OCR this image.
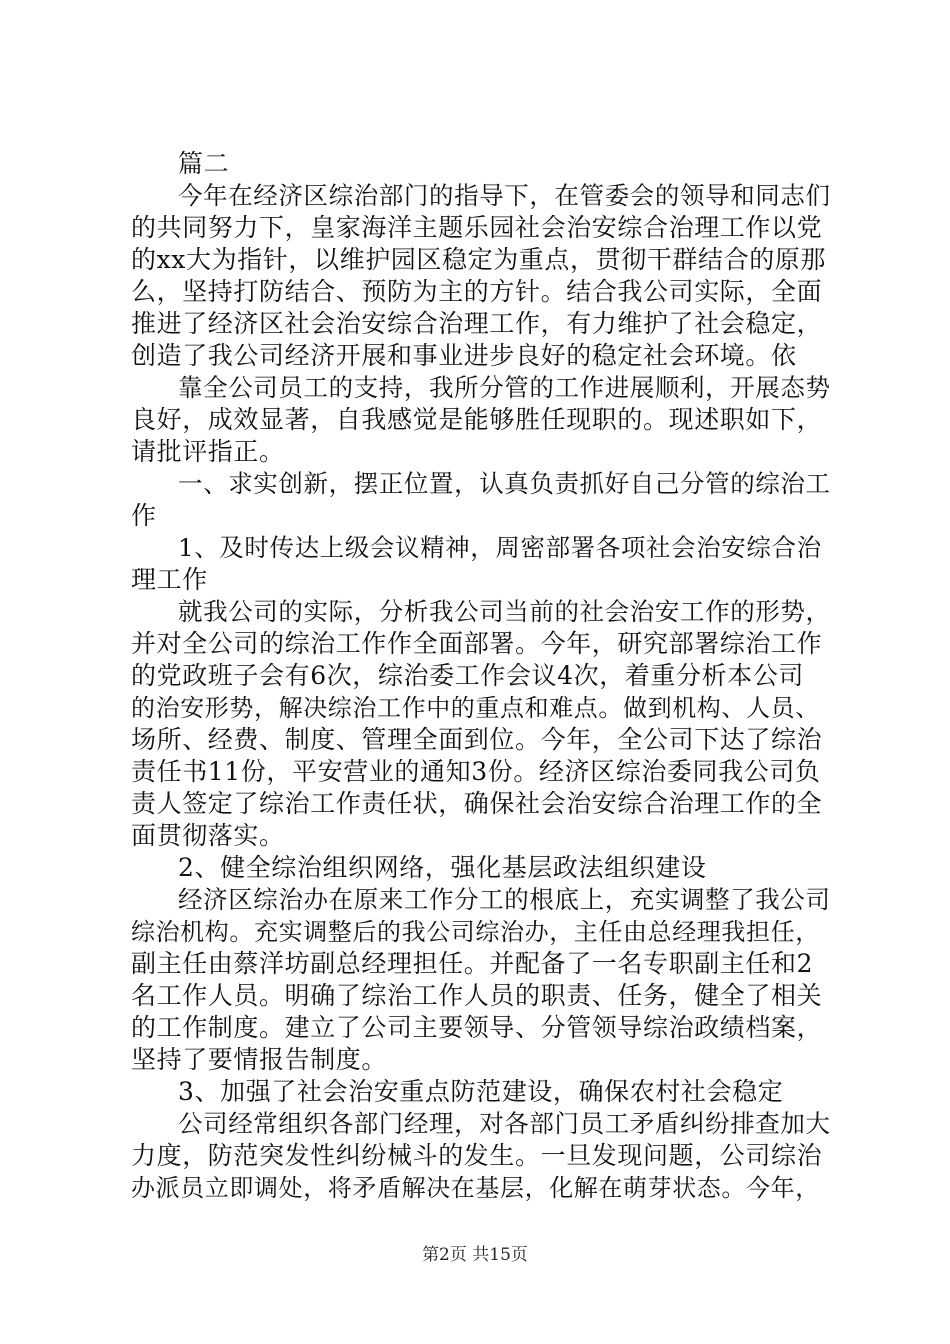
篇二
今年在经济区综治部门的指导下，在管委会的领导和同志们
的共同努力下，皇家海洋主题乐园社会治安综合治理工作以党
的xx大为指针，以维护园区稳定为重点，贯彻干群结合的原那
么，坚持打防结合、预防为主的方针。结合我公司实际，全面
推进了经济区社会治安综合治理工作，有力维护了社会稳定，
创造了我公司经济开展和事业进步良好的稳定社会环境。依
靠全公司员工的支持，我所分管的工作进展顺利，开展态势
良好，成效显著，自我感觉是能够胜任现职的。现述职如下，
请批评指正。
一、求实创新，摆正位置，认真负责抓好自己分管的综治工
作
1、及时传达上级会议精神，周密部署各项社会治安综合治
理工作
就我公司的实际，分析我公司当前的社会治安工作的形势，
并对全公司的综治工作作全面部署。今年，研究部署综治工作
的党政班子会有6次，综治委工作会议4次，着重分析本公司
的治安形势，解决综治工作中的重点和难点。做到机构、人员、
场所、经费、制度、管理全面到位。今年，全公司下达了综治
责任书11份，平安营业的通知3份。经济区综治委同我公司负
责人签定了综治工作责任状，确保社会治安综合治理工作的全
面贯彻落实。
2、健全综治组织网络，强化基层政法组织建设
经济区综治办在原来工作分工的根底上，充实调整了我公司
综治机构。充实调整后的我公司综治办，主任由总经理我担任，
副主任由蔡洋坊副总经理担任。并配备了一名专职副主任和2
名工作人员。明确了综治工作人员的职责、任务，健全了相关
的工作制度。建立了公司主要领导、分管领导综治政绩档案，
坚持了要情报告制度。
3、加强了社会治安重点防范建设，确保农村社会稳定
公司经常组织各部门经理，对各部门员工矛盾纠纷排查加大
力度，防范突发性纠纷械斗的发生。一旦发现问题，公司综治
办派员立即调处，将矛盾解决在基层，化解在萌芽状态。今年，
第2页 共15页
